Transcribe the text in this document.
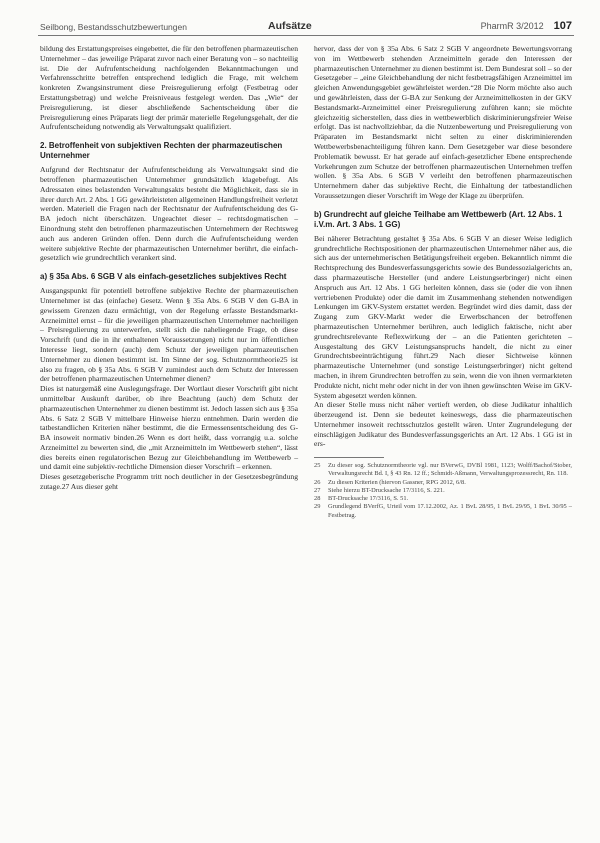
Seilbong, Bestandsschutzbewertungen	Aufsätze	PharmR 3/2012 107

bildung des Erstattungspreises eingebettet, die für den betroffenen pharmazeutischen Unternehmer – das jeweilige Präparat zuvor nach einer Beratung von – so nachteilig ist. Die der Aufrufentscheidung nachfolgenden Bekanntmachungen und Verfahrensschritte betreffen entsprechend lediglich die Frage, mit welchem konkreten Zwangsinstrument diese Preisregulierung erfolgt (Festbetrag oder Erstattungsbetrag) und welche Preisniveaus festgelegt werden. Das „Wie“ der Preisregulierung, ist dieser abschließende Sachentscheidung über die Preisregulierung eines Präparats liegt der primär materielle Regelungsgehalt, der die Aufrufentscheidung notwendig als Verwaltungsakt qualifiziert.

2. Betroffenheit von subjektiven Rechten der pharmazeutischen Unternehmer

Aufgrund der Rechtsnatur der Aufrufentscheidung als Verwaltungsakt sind die betroffenen pharmazeutischen Unternehmer grundsätzlich klagebefugt. Als Adressaten eines belastenden Verwaltungsakts besteht die Möglichkeit, dass sie in ihrer durch Art. 2 Abs. 1 GG gewährleisteten allgemeinen Handlungsfreiheit verletzt werden. Materiell die Fragen nach der Rechtsnatur der Aufrufentscheidung des G-BA jedoch nicht überschätzen. Ungeachtet dieser – rechtsdogmatischen – Einordnung steht den betroffenen pharmazeutischen Unternehmern der Rechtsweg auch aus anderen Gründen offen. Denn durch die Aufrufentscheidung werden weitere subjektive Rechte der pharmazeutischen Unternehmer berührt, die einfach-gesetzlich wie grundrechtlich verankert sind.

a) § 35a Abs. 6 SGB V als einfach-gesetzliches subjektives Recht

Ausgangspunkt für potentiell betroffene subjektive Rechte der pharmazeutischen Unternehmer ist das (einfache) Gesetz. Wenn § 35a Abs. 6 SGB V den G-BA in gewissem Grenzen dazu ermächtigt, von der Regelung erfasste Bestandsmarkt-Arzneimittel ernst – für die jeweiligen pharmazeutischen Unternehmer nachteiligen – Preisregulierung zu unterwerfen, stellt sich die naheliegende Frage, ob diese Vorschrift (und die in ihr enthaltenen Voraussetzungen) nicht nur im öffentlichen Interesse liegt, sondern (auch) dem Schutz der jeweiligen pharmazeutischen Unternehmer zu dienen bestimmt ist. Im Sinne der sog. Schutznormtheorie25 ist also zu fragen, ob § 35a Abs. 6 SGB V zumindest auch dem Schutz der Interessen der betroffenen pharmazeutischen Unternehmer dienen?

Dies ist naturgemäß eine Auslegungsfrage. Der Wortlaut dieser Vorschrift gibt nicht unmittelbar Auskunft darüber, ob ihre Beachtung (auch) dem Schutz der pharmazeutischen Unternehmer zu dienen bestimmt ist. Jedoch lassen sich aus § 35a Abs. 6 Satz 2 SGB V mittelbare Hinweise hierzu entnehmen. Darin werden die tatbestandlichen Kriterien näher bestimmt, die die Ermessensentscheidung des G-BA insoweit normativ binden.26 Wenn es dort heißt, dass vorrangig u.a. solche Arzneimittel zu bewerten sind, die „mit Arzneimitteln im Wettbewerb stehen“, lässt dies bereits einen regulatorischen Bezug zur Gleichbehandlung im Wettbewerb – und damit eine subjektiv-rechtliche Dimension dieser Vorschrift – erkennen.

Dieses gesetzgeberische Programm tritt noch deutlicher in der Gesetzesbegründung zutage.27 Aus dieser geht

hervor, dass der von § 35a Abs. 6 Satz 2 SGB V angeordnete Bewertungsvorrang von im Wettbewerb stehenden Arzneimitteln gerade den Interessen der pharmazeutischen Unternehmer zu dienen bestimmt ist. Dem Bundesrat soll – so der Gesetzgeber – „eine Gleichbehandlung der nicht festbetragsfähigen Arzneimittel im gleichen Anwendungsgebiet gewährleistet werden.“28 Die Norm möchte also auch und gewährleisten, dass der G-BA zur Senkung der Arzneimittelkosten in der GKV Bestandsmarkt-Arzneimittel einer Preisregulierung zuführen kann; sie möchte gleichzeitig sicherstellen, dass dies in wettbewerblich diskriminierungsfreier Weise erfolgt. Das ist nachvollziehbar, da die Nutzenbewertung und Preisregulierung von Präparaten im Bestandsmarkt nicht selten zu einer diskriminierenden Wettbewerbsbenachteiligung führen kann. Dem Gesetzgeber war diese besondere Problematik bewusst. Er hat gerade auf einfach-gesetzlicher Ebene entsprechende Vorkehrungen zum Schutze der betroffenen pharmazeutischen Unternehmen treffen wollen. § 35a Abs. 6 SGB V verleiht den betroffenen pharmazeutischen Unternehmern daher das subjektive Recht, die Einhaltung der tatbestandlichen Voraussetzungen dieser Vorschrift im Wege der Klage zu überprüfen.

b) Grundrecht auf gleiche Teilhabe am Wettbewerb (Art. 12 Abs. 1 i.V.m. Art. 3 Abs. 1 GG)

Bei näherer Betrachtung gestaltet § 35a Abs. 6 SGB V an dieser Weise lediglich grundrechtliche Rechtspositionen der pharmazeutischen Unternehmer näher aus, die sich aus der unternehmerischen Betätigungsfreiheit ergeben. Bekanntlich nimmt die Rechtsprechung des Bundesverfassungsgerichts sowie des Bundessozialgerichts an, dass pharmazeutische Hersteller (und andere Leistungserbringer) nicht einen Anspruch aus Art. 12 Abs. 1 GG herleiten können, dass sie (oder die von ihnen vertriebenen Produkte) oder die damit im Zusammenhang stehenden notwendigen Lenkungen im GKV-System erstattet werden. Begründet wird dies damit, dass der Zugang zum GKV-Markt weder die Erwerbschancen der betroffenen pharmazeutischen Unternehmer berühren, auch lediglich faktische, nicht aber grundrechtsrelevante Reflexwirkung der – an die Patienten gerichteten – Ausgestaltung des GKV Leistungsanspruchs handelt, die nicht zu einer Grundrechtsbeeinträchtigung führt.29 Nach dieser Sichtweise können pharmazeutische Unternehmer (und sonstige Leistungserbringer) nicht geltend machen, in ihrem Grundrechten betroffen zu sein, wenn die von ihnen vermarkteten Produkte nicht, nicht mehr oder nicht in der von ihnen gewünschten Weise im GKV-System abgesetzt werden können.

An dieser Stelle muss nicht näher vertieft werden, ob diese Judikatur inhaltlich überzeugend ist. Denn sie bedeutet keineswegs, dass die pharmazeutischen Unternehmer insoweit rechtsschutzlos gestellt wären. Unter Zugrundelegung der einschlägigen Judikatur des Bundesverfassungsgerichts an Art. 12 Abs. 1 GG ist in ers-

25	Zu dieser sog. Schutznormtheorie vgl. nur BVerwG, DVBl 1981, 1123; Wolff/Bachof/Stober, Verwaltungsrecht Bd. I, § 43 Rn. 12 ff.; Schmidt-Aßmann, Verwaltungsprozessrecht, Rn. 118.
26	Zu diesen Kriterien (hiervon Gassner, RPG 2012, 6/8.
27	Siehe hierzu BT-Drucksache 17/3116, S. 221.
28	BT-Drucksache 17/3116, S. 51.
29	Grundlegend BVerfG, Urteil vom 17.12.2002, Az. 1 BvL 28/95, 1 BvL 29/95, 1 BvL 30/95 – Festbetrag.
